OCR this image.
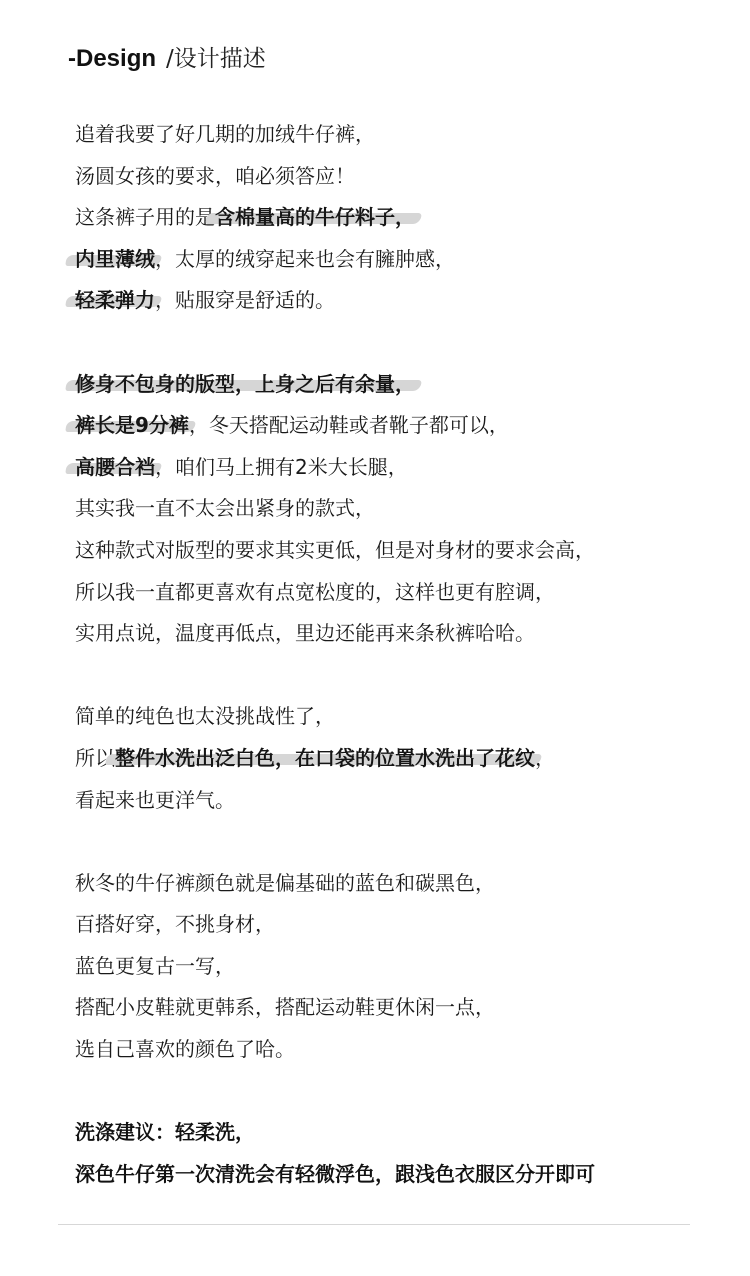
-Design /设计描述
追着我要了好几期的加绒牛仔裤，
汤圆女孩的要求，咱必须答应！
这条裤子用的是含棉量高的牛仔料子，
内里薄绒，太厚的绒穿起来也会有臃肿感，
轻柔弹力，贴服穿是舒适的。
修身不包身的版型，上身之后有余量，
裤长是9分裤，冬天搭配运动鞋或者靴子都可以，
高腰合裆，咱们马上拥有2米大长腿，
其实我一直不太会出紧身的款式，
这种款式对版型的要求其实更低，但是对身材的要求会高，
所以我一直都更喜欢有点宽松度的，这样也更有腔调，
实用点说，温度再低点，里边还能再来条秋裤哈哈。
简单的纯色也太没挑战性了，
所以整件水洗出泛白色，在口袋的位置水洗出了花纹，
看起来也更洋气。
秋冬的牛仔裤颜色就是偏基础的蓝色和碳黑色，
百搭好穿，不挑身材，
蓝色更复古一写，
搭配小皮鞋就更韩系，搭配运动鞋更休闲一点，
选自己喜欢的颜色了哈。
洗涤建议：轻柔洗，
深色牛仔第一次清洗会有轻微浮色，跟浅色衣服区分开即可
